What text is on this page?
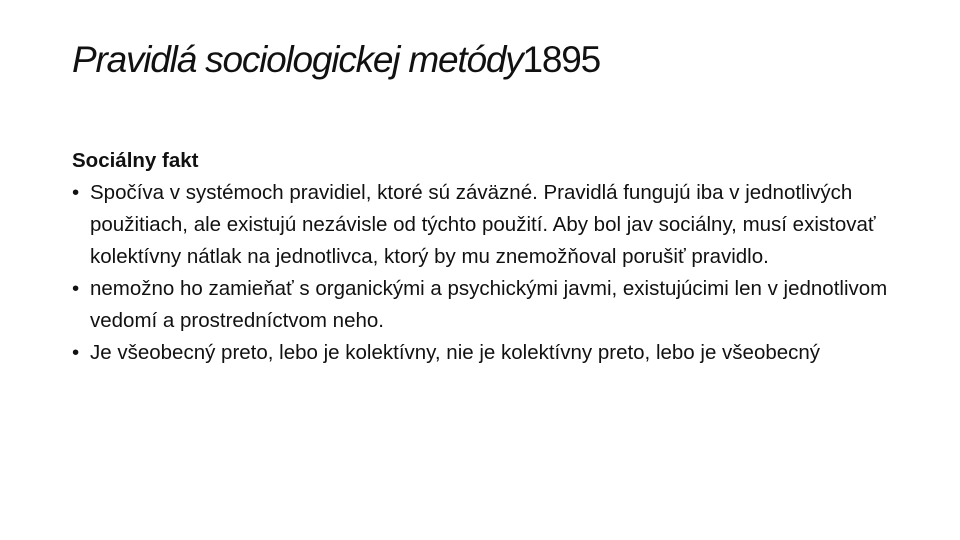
Pravidlá sociologickej metódy1895
Sociálny fakt
• Spočíva v systémoch pravidiel, ktoré sú záväzné. Pravidlá fungujú iba v jednotlivých použitiach, ale existujú nezávisle od týchto použití. Aby bol jav sociálny, musí existovať kolektívny nátlak na jednotlivca, ktorý by mu znemožňoval porušiť pravidlo.
• nemožno ho zamieňať s organickými a psychickými javmi, existujúcimi len v jednotlivom vedomí a prostredníctvom neho.
• Je všeobecný preto, lebo je kolektívny, nie je kolektívny preto, lebo je všeobecný
